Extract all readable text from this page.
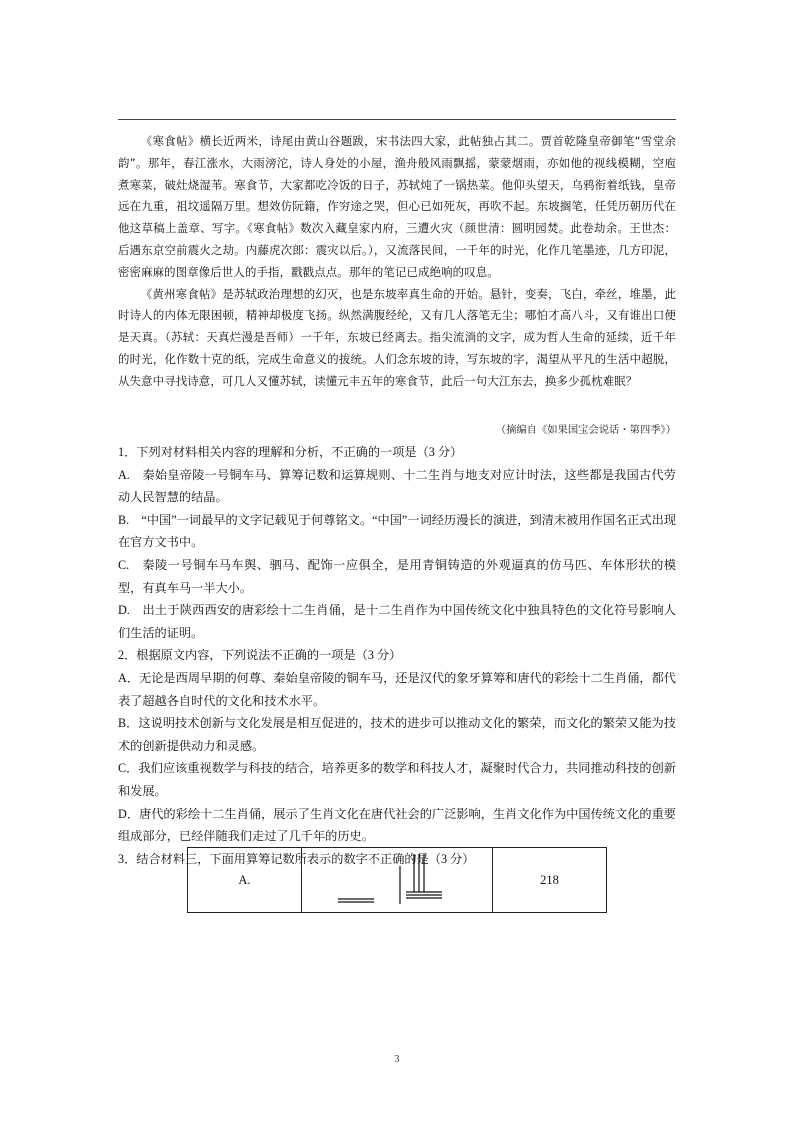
《寒食帖》横长近两米，诗尾由黄山谷题跋，宋书法四大家，此帖独占其二。贾首乾隆皇帝御笔“雪堂余韵”。那年，春江涨水，大雨滂沱，诗人身处的小屋，渔舟般风雨飘摇，蒙蒙烟雨，亦如他的视线模糊，空庖煮寒菜，破灶烧湿苇。寒食节，大家都吃冷饭的日子，苏轼炖了一锅热菜。他仰头望天，乌鸦衔着纸钱，皇帝远在九重，祖坟遥隔万里。想效仿阮籍，作穷途之哭，但心已如死灰，再吹不起。东坡搁笔，任凭历朝历代在他这草稿上盖章、写字。《寒食帖》数次入藏皇家内府，三遭火灾（颜世清：圆明园焚。此卷劫余。王世杰：后遇东京空前震火之劫。内藤虎次郎：震灾以后。），又流落民间，一千年的时光，化作几笔墨迹，几方印泥，密密麻麻的图章像后世人的手指，戳戳点点。那年的笔记已成绝响的叹息。

《黄州寒食帖》是苏轼政治理想的幻灭，也是东坡率真生命的开始。悬针，变奏，飞白，牵丝，堆墨，此时诗人的内体无限困顿，精神却极度飞扬。纵然满腹经纶，又有几人落笔无尘；哪怕才高八斗，又有谁出口便是天真。（苏轼：天真烂漫是吾师）一千年，东坡已经离去。指尖流淌的文字，成为哲人生命的延续，近千年的时光，化作数十克的纸，完成生命意义的拔统。人们念东坡的诗，写东坡的字，渴望从平凡的生活中超脱，从失意中寻找诗意，可几人又懂苏轼，读懂元丰五年的寒食节，此后一句大江东去，换多少孤枕难眠？

（摘编自《如果国宝会说话・第四季》）

1．下列对材料相关内容的理解和分析，不正确的一项是（3 分）

A.　秦始皇帝陵一号铜车马、算筹记数和运算规则、十二生肖与地支对应计时法，这些都是我国古代劳动人民智慧的结晶。

B.　“中国”一词最早的文字记载见于何尊铭文。“中国”一词经历漫长的演进，到清末被用作国名正式出现在官方文书中。

C.　秦陵一号铜车马车舆、驷马、配饰一应俱全，是用青铜铸造的外观逼真的仿马匹、车体形状的模型，有真车马一半大小。

D.　出土于陕西西安的唐彩绘十二生肖俑，是十二生肖作为中国传统文化中独具特色的文化符号影响人们生活的证明。

2．根据原文内容，下列说法不正确的一项是（3 分）

A．无论是西周早期的何尊、秦始皇帝陵的铜车马，还是汉代的象牙算筹和唐代的彩绘十二生肖俑，都代表了超越各自时代的文化和技术水平。

B．这说明技术创新与文化发展是相互促进的，技术的进步可以推动文化的繁荣，而文化的繁荣又能为技术的创新提供动力和灵感。

C．我们应该重视数学与科技的结合，培养更多的数学和科技人才，凝聚时代合力，共同推动科技的创新和发展。

D．唐代的彩绘十二生肖俑，展示了生肖文化在唐代社会的广泛影响，生肖文化作为中国传统文化的重要组成部分，已经伴随我们走过了几千年的历史。

3．结合材料三，下面用算筹记数所表示的数字不正确的是（3 分）

A.		218
3
